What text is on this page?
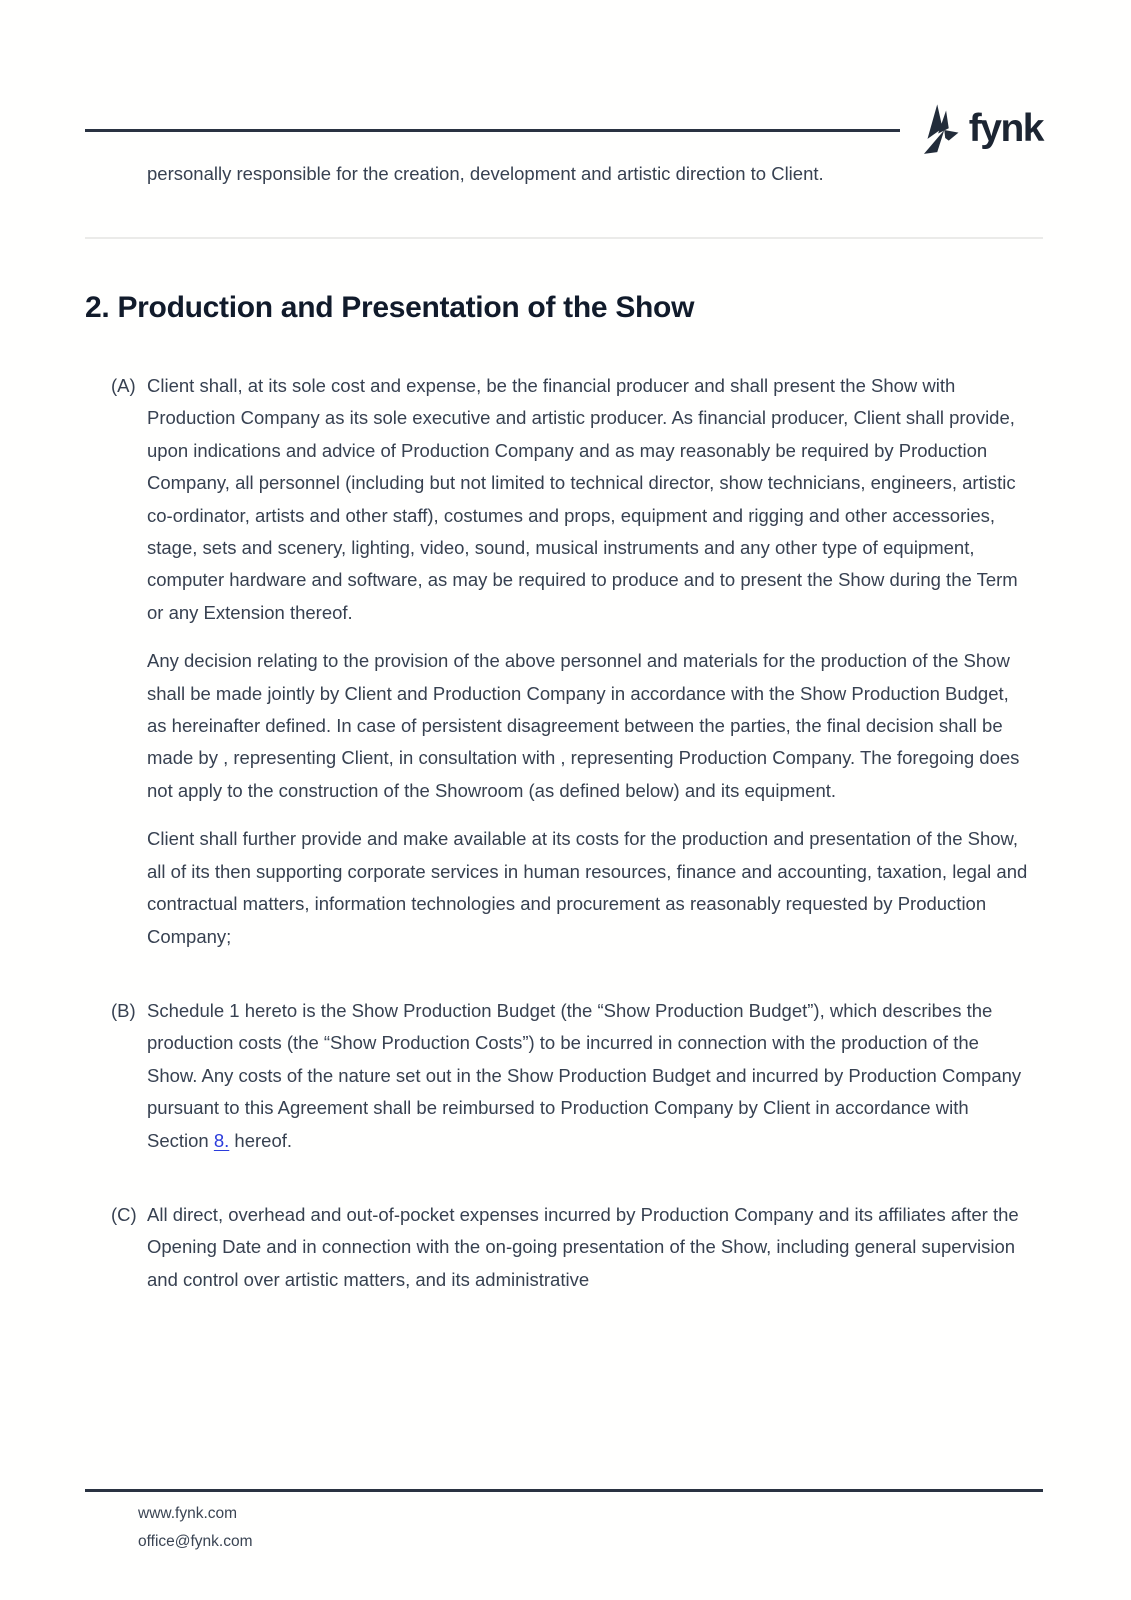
fynk

personally responsible for the creation, development and artistic direction to Client.

2. Production and Presentation of the Show
(A) Client shall, at its sole cost and expense, be the financial producer and shall present the Show with Production Company as its sole executive and artistic producer. As financial producer, Client shall provide, upon indications and advice of Production Company and as may reasonably be required by Production Company, all personnel (including but not limited to technical director, show technicians, engineers, artistic co-ordinator, artists and other staff), costumes and props, equipment and rigging and other accessories, stage, sets and scenery, lighting, video, sound, musical instruments and any other type of equipment, computer hardware and software, as may be required to produce and to present the Show during the Term or any Extension thereof.

Any decision relating to the provision of the above personnel and materials for the production of the Show shall be made jointly by Client and Production Company in accordance with the Show Production Budget, as hereinafter defined. In case of persistent disagreement between the parties, the final decision shall be made by , representing Client, in consultation with , representing Production Company. The foregoing does not apply to the construction of the Showroom (as defined below) and its equipment.

Client shall further provide and make available at its costs for the production and presentation of the Show, all of its then supporting corporate services in human resources, finance and accounting, taxation, legal and contractual matters, information technologies and procurement as reasonably requested by Production Company;

(B) Schedule 1 hereto is the Show Production Budget (the “Show Production Budget”), which describes the production costs (the “Show Production Costs”) to be incurred in connection with the production of the Show. Any costs of the nature set out in the Show Production Budget and incurred by Production Company pursuant to this Agreement shall be reimbursed to Production Company by Client in accordance with Section 8. hereof.

(C) All direct, overhead and out-of-pocket expenses incurred by Production Company and its affiliates after the Opening Date and in connection with the on-going presentation of the Show, including general supervision and control over artistic matters, and its administrative

www.fynk.com
office@fynk.com
